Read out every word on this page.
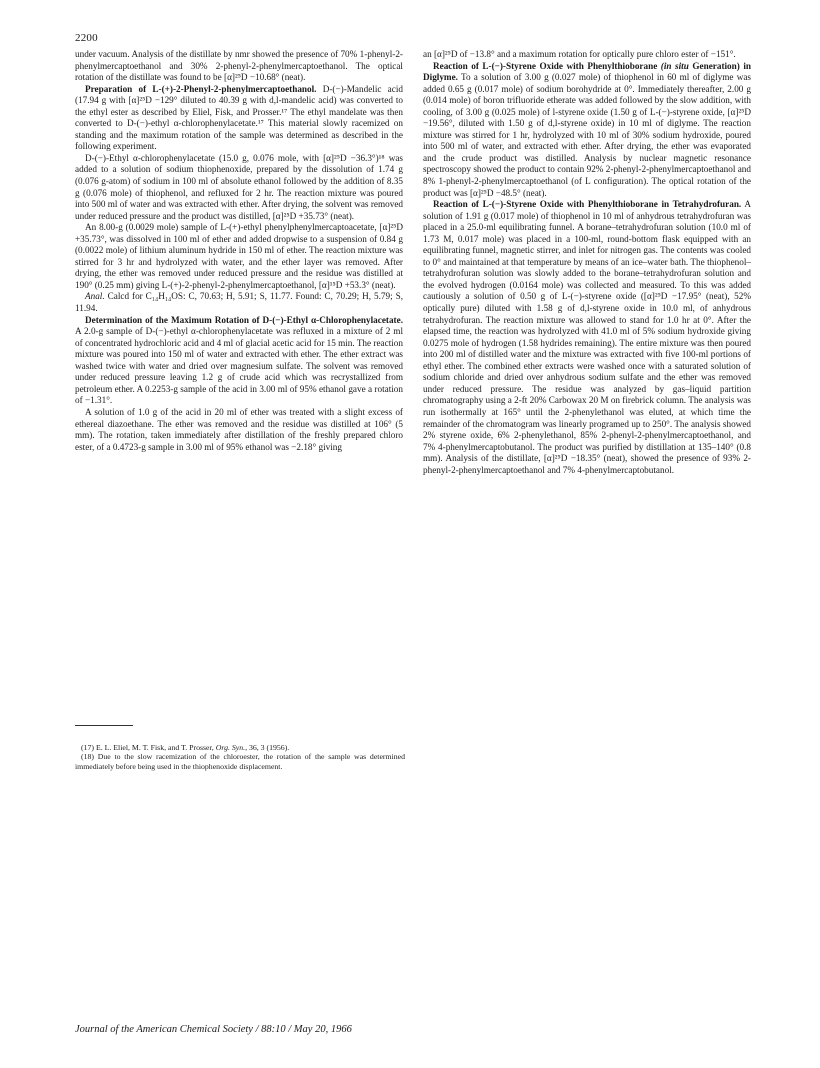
2200

under vacuum. Analysis of the distillate by nmr showed the presence of 70% 1-phenyl-2-phenylmercaptoethanol and 30% 2-phenyl-2-phenylmercaptoethanol. The optical rotation of the distillate was found to be [α]²⁵D −10.68° (neat).

Preparation of L-(+)-2-Phenyl-2-phenylmercaptoethanol. D-(−)-Mandelic acid (17.94 g with [α]²⁵D −129° diluted to 40.39 g with d,l-mandelic acid) was converted to the ethyl ester as described by Eliel, Fisk, and Prosser.¹⁷ The ethyl mandelate was then converted to D-(−)-ethyl α-chlorophenylacetate.¹⁷ This material slowly racemized on standing and the maximum rotation of the sample was determined as described in the following experiment.

D-(−)-Ethyl α-chlorophenylacetate (15.0 g, 0.076 mole, with [α]²⁵D −36.3°)¹⁸ was added to a solution of sodium thiophenoxide, prepared by the dissolution of 1.74 g (0.076 g-atom) of sodium in 100 ml of absolute ethanol followed by the addition of 8.35 g (0.076 mole) of thiophenol, and refluxed for 2 hr. The reaction mixture was poured into 500 ml of water and was extracted with ether. After drying, the solvent was removed under reduced pressure and the product was distilled, [α]²⁵D +35.73° (neat).

An 8.00-g (0.0029 mole) sample of L-(+)-ethyl phenylphenylmercaptoacetate, [α]²⁵D +35.73°, was dissolved in 100 ml of ether and added dropwise to a suspension of 0.84 g (0.0022 mole) of lithium aluminum hydride in 150 ml of ether. The reaction mixture was stirred for 3 hr and hydrolyzed with water, and the ether layer was removed. After drying, the ether was removed under reduced pressure and the residue was distilled at 190° (0.25 mm) giving L-(+)-2-phenyl-2-phenylmercaptoethanol, [α]¹⁵D +53.3° (neat).

Anal. Calcd for C₁₄H₁₄OS: C, 70.63; H, 5.91; S, 11.77. Found: C, 70.29; H, 5.79; S, 11.94.

Determination of the Maximum Rotation of D-(−)-Ethyl α-Chlorophenylacetate. A 2.0-g sample of D-(−)-ethyl α-chlorophenylacetate was refluxed in a mixture of 2 ml of concentrated hydrochloric acid and 4 ml of glacial acetic acid for 15 min. The reaction mixture was poured into 150 ml of water and extracted with ether. The ether extract was washed twice with water and dried over magnesium sulfate. The solvent was removed under reduced pressure leaving 1.2 g of crude acid which was recrystallized from petroleum ether. A 0.2253-g sample of the acid in 3.00 ml of 95% ethanol gave a rotation of −1.31°.

A solution of 1.0 g of the acid in 20 ml of ether was treated with a slight excess of ethereal diazoethane. The ether was removed and the residue was distilled at 106° (5 mm). The rotation, taken immediately after distillation of the freshly prepared chloro ester, of a 0.4723-g sample in 3.00 ml of 95% ethanol was −2.18° giving

an [α]²⁵D of −13.8° and a maximum rotation for optically pure chloro ester of −151°.

Reaction of L-(−)-Styrene Oxide with Phenylthioborane (in situ Generation) in Diglyme. To a solution of 3.00 g (0.027 mole) of thiophenol in 60 ml of diglyme was added 0.65 g (0.017 mole) of sodium borohydride at 0°. Immediately thereafter, 2.00 g (0.014 mole) of boron trifluoride etherate was added followed by the slow addition, with cooling, of 3.00 g (0.025 mole) of l-styrene oxide (1.50 g of L-(−)-styrene oxide, [α]²⁵D −19.56°, diluted with 1.50 g of d,l-styrene oxide) in 10 ml of diglyme. The reaction mixture was stirred for 1 hr, hydrolyzed with 10 ml of 30% sodium hydroxide, poured into 500 ml of water, and extracted with ether. After drying, the ether was evaporated and the crude product was distilled. Analysis by nuclear magnetic resonance spectroscopy showed the product to contain 92% 2-phenyl-2-phenylmercaptoethanol and 8% 1-phenyl-2-phenylmercaptoethanol (of L configuration). The optical rotation of the product was [α]²⁵D −48.5° (neat).

Reaction of L-(−)-Styrene Oxide with Phenylthioborane in Tetrahydrofuran. A solution of 1.91 g (0.017 mole) of thiophenol in 10 ml of anhydrous tetrahydrofuran was placed in a 25.0-ml equilibrating funnel. A borane–tetrahydrofuran solution (10.0 ml of 1.73 M, 0.017 mole) was placed in a 100-ml, round-bottom flask equipped with an equilibrating funnel, magnetic stirrer, and inlet for nitrogen gas. The contents was cooled to 0° and maintained at that temperature by means of an ice–water bath. The thiophenol–tetrahydrofuran solution was slowly added to the borane–tetrahydrofuran solution and the evolved hydrogen (0.0164 mole) was collected and measured. To this was added cautiously a solution of 0.50 g of L-(−)-styrene oxide ([α]²⁵D −17.95° (neat), 52% optically pure) diluted with 1.58 g of d,l-styrene oxide in 10.0 ml, of anhydrous tetrahydrofuran. The reaction mixture was allowed to stand for 1.0 hr at 0°. After the elapsed time, the reaction was hydrolyzed with 41.0 ml of 5% sodium hydroxide giving 0.0275 mole of hydrogen (1.58 hydrides remaining). The entire mixture was then poured into 200 ml of distilled water and the mixture was extracted with five 100-ml portions of ethyl ether. The combined ether extracts were washed once with a saturated solution of sodium chloride and dried over anhydrous sodium sulfate and the ether was removed under reduced pressure. The residue was analyzed by gas–liquid partition chromatography using a 2-ft 20% Carbowax 20 M on firebrick column. The analysis was run isothermally at 165° until the 2-phenylethanol was eluted, at which time the remainder of the chromatogram was linearly programed up to 250°. The analysis showed 2% styrene oxide, 6% 2-phenylethanol, 85% 2-phenyl-2-phenylmercaptoethanol, and 7% 4-phenylmercaptobutanol. The product was purified by distillation at 135–140° (0.8 mm). Analysis of the distillate, [α]²⁵D −18.35° (neat), showed the presence of 93% 2-phenyl-2-phenylmercaptoethanol and 7% 4-phenylmercaptobutanol.

(17) E. L. Eliel, M. T. Fisk, and T. Prosser, Org. Syn., 36, 3 (1956).

(18) Due to the slow racemization of the chloroester, the rotation of the sample was determined immediately before being used in the thiophenoxide displacement.

Journal of the American Chemical Society / 88:10 / May 20, 1966
